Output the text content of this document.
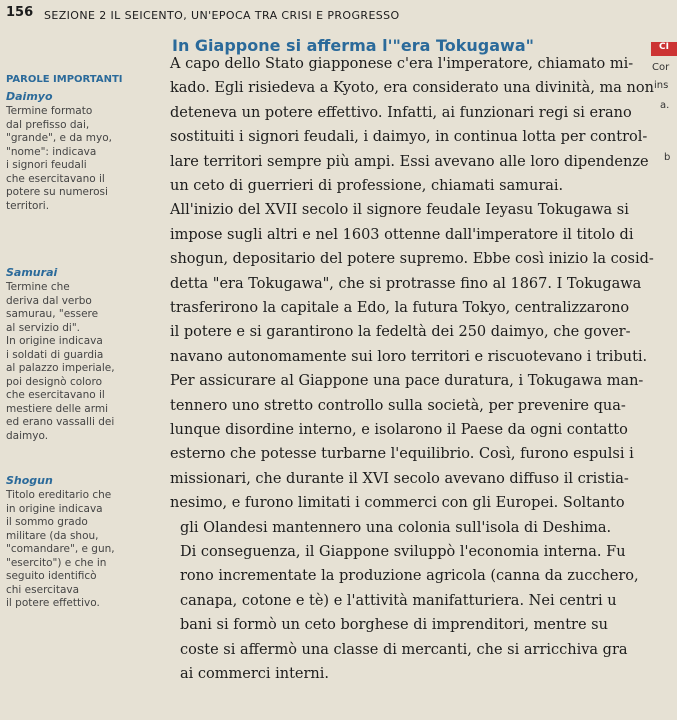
156 SEZIONE 2 IL SEICENTO, UN'EPOCA TRA CRISI E PROGRESSO
In Giappone si afferma l'"era Tokugawa"
PAROLE IMPORTANTI
Daimyo
Termine formato
dal prefisso dai,
"grande", e da myo,
"nome": indicava
i signori feudali
che esercitavano il
potere su numerosi
territori.
Samurai
Termine che
deriva dal verbo
samurau, "essere
al servizio di".
In origine indicava
i soldati di guardia
al palazzo imperiale,
poi designò coloro
che esercitavano il
mestiere delle armi
ed erano vassalli dei
daimyo.
Shogun
Titolo ereditario che
in origine indicava
il sommo grado
militare (da shou,
"comandare", e gun,
"esercito") e che in
seguito identificò
chi esercitava
il potere effettivo.
A capo dello Stato giapponese c'era l'imperatore, chiamato mi-
kado. Egli risiedeva a Kyoto, era considerato una divinità, ma non
deteneva un potere effettivo. Infatti, ai funzionari regi si erano
sostituiti i signori feudali, i daimyo, in continua lotta per control-
lare territori sempre più ampi. Essi avevano alle loro dipendenze
un ceto di guerrieri di professione, chiamati samurai.
All'inizio del XVII secolo il signore feudale Ieyasu Tokugawa si
impose sugli altri e nel 1603 ottenne dall'imperatore il titolo di
shogun, depositario del potere supremo. Ebbe così inizio la cosid-
detta "era Tokugawa", che si protrasse fino al 1867. I Tokugawa
trasferirono la capitale a Edo, la futura Tokyo, centralizzarono
il potere e si garantirono la fedeltà dei 250 daimyo, che gover-
navano autonomamente sui loro territori e riscuotevano i tributi.
Per assicurare al Giappone una pace duratura, i Tokugawa man-
tennero uno stretto controllo sulla società, per prevenire qua-
lunque disordine interno, e isolarono il Paese da ogni contatto
esterno che potesse turbarne l'equilibrio. Così, furono espulsi i
missionari, che durante il XVI secolo avevano diffuso il cristia-
nesimo, e furono limitati i commerci con gli Europei. Soltanto
gli Olandesi mantennero una colonia sull'isola di Deshima.
Di conseguenza, il Giappone sviluppò l'economia interna. Fu
rono incrementate la produzione agricola (canna da zucchero,
canapa, cotone e tè) e l'attività manifatturiera. Nei centri u
bani si formò un ceto borghese di imprenditori, mentre su
coste si affermò una classe di mercanti, che si arricchiva gra
ai commerci interni.
CI
Cor
ins
a.
b
